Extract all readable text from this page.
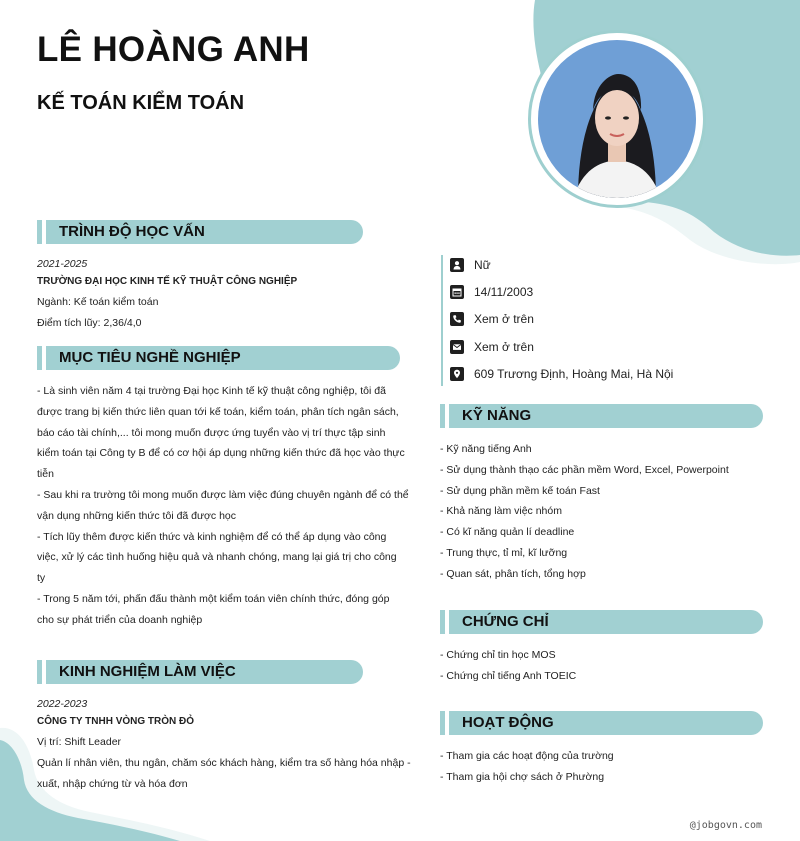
LÊ HOÀNG ANH
KẾ TOÁN KIỂM TOÁN
TRÌNH ĐỘ HỌC VẤN

2021-2025

TRƯỜNG ĐẠI HỌC KINH TẾ KỸ THUẬT CÔNG NGHIỆP

Ngành: Kế toán kiểm toán

Điểm tích lũy: 2,36/4,0

MỤC TIÊU NGHỀ NGHIỆP
- Là sinh viên năm 4 tại trường Đại học Kinh tế kỹ thuật công nghiệp, tôi đã
được trang bị kiến thức liên quan tới kế toán, kiểm toán, phân tích ngân sách,
báo cáo tài chính,... tôi mong muốn được ứng tuyển vào vị trí thực tập sinh
kiểm toán tại Công ty B để có cơ hội áp dụng những kiến thức đã học vào thực
tiễn
- Sau khi ra trường tôi mong muốn được làm việc đúng chuyên ngành để có thể
vận dụng những kiến thức tôi đã được học
- Tích lũy thêm được kiến thức và kinh nghiệm để có thể áp dụng vào công
việc, xử lý các tình huống hiệu quả và nhanh chóng, mang lại giá trị cho công
ty
- Trong 5 năm tới, phấn đấu thành một kiểm toán viên chính thức, đóng góp
cho sự phát triển của doanh nghiệp
KINH NGHIỆM LÀM VIỆC

2022-2023

CÔNG TY TNHH VÒNG TRÒN ĐỎ

Vị trí: Shift Leader

Quản lí nhân viên, thu ngân, chăm sóc khách hàng, kiểm tra số hàng hóa nhập -
xuất, nhập chứng từ và hóa đơn
Nữ
14/11/2003
Xem ở trên
Xem ở trên
609 Trương Định, Hoàng Mai, Hà Nội
KỸ NĂNG
- Kỹ năng tiếng Anh
- Sử dụng thành thạo các phần mềm Word, Excel, Powerpoint
- Sử dụng phần mềm kế toán Fast
- Khả năng làm việc nhóm
- Có kĩ năng quản lí deadline
- Trung thực, tỉ mỉ, kĩ lưỡng
- Quan sát, phân tích, tổng hợp
CHỨNG CHỈ
- Chứng chỉ tin học MOS
- Chứng chỉ tiếng Anh TOEIC
HOẠT ĐỘNG
- Tham gia các hoạt động của trường
- Tham gia hội chợ sách ở Phường
@jobgovn.com
